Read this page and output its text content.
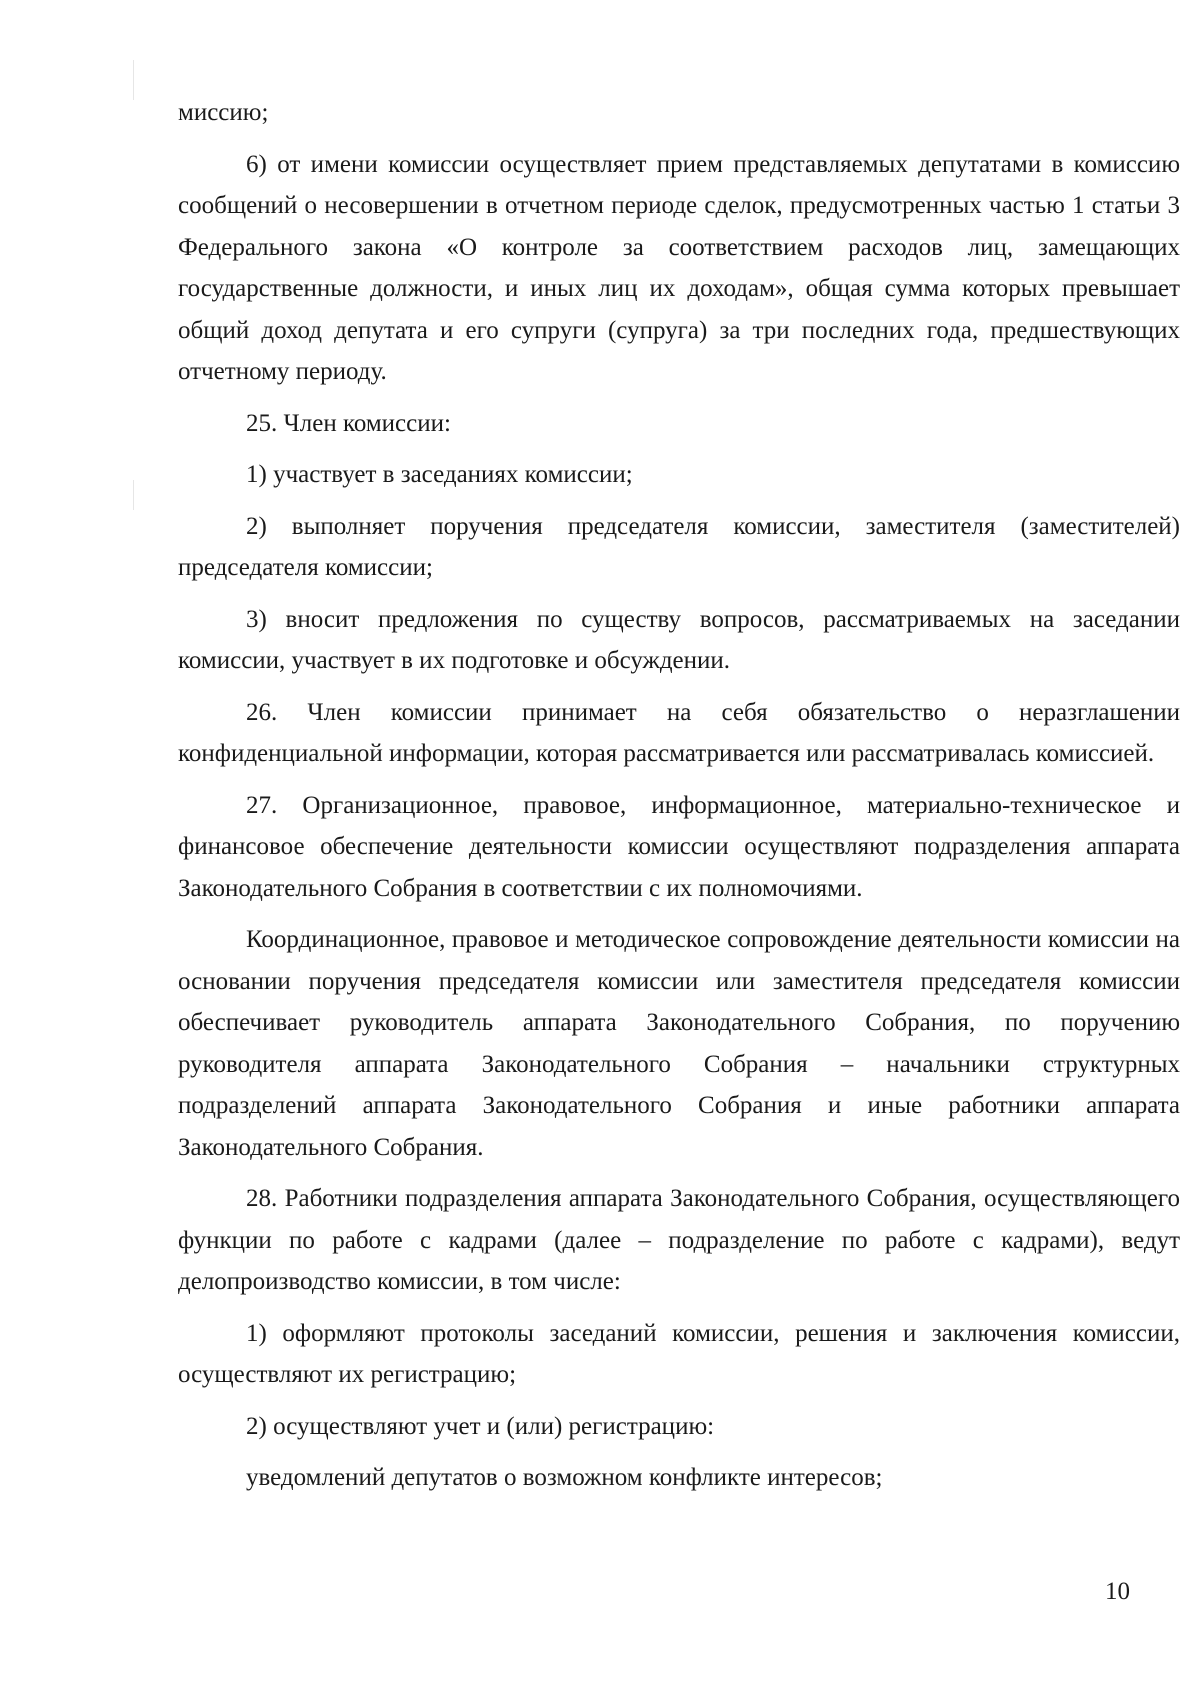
миссию;

6) от имени комиссии осуществляет прием представляемых депутатами в комиссию сообщений о несовершении в отчетном периоде сделок, предусмотренных частью 1 статьи 3 Федерального закона «О контроле за соответствием расходов лиц, замещающих государственные должности, и иных лиц их доходам», общая сумма которых превышает общий доход депутата и его супруги (супруга) за три последних года, предшествующих отчетному периоду.

25. Член комиссии:

1) участвует в заседаниях комиссии;

2) выполняет поручения председателя комиссии, заместителя (заместителей) председателя комиссии;

3) вносит предложения по существу вопросов, рассматриваемых на заседании комиссии, участвует в их подготовке и обсуждении.

26. Член комиссии принимает на себя обязательство о неразглашении конфиденциальной информации, которая рассматривается или рассматривалась комиссией.

27. Организационное, правовое, информационное, материально-техническое и финансовое обеспечение деятельности комиссии осуществляют подразделения аппарата Законодательного Собрания в соответствии с их полномочиями.

Координационное, правовое и методическое сопровождение деятельности комиссии на основании поручения председателя комиссии или заместителя председателя комиссии обеспечивает руководитель аппарата Законодательного Собрания, по поручению руководителя аппарата Законодательного Собрания – начальники структурных подразделений аппарата Законодательного Собрания и иные работники аппарата Законодательного Собрания.

28. Работники подразделения аппарата Законодательного Собрания, осуществляющего функции по работе с кадрами (далее – подразделение по работе с кадрами), ведут делопроизводство комиссии, в том числе:

1) оформляют протоколы заседаний комиссии, решения и заключения комиссии, осуществляют их регистрацию;

2) осуществляют учет и (или) регистрацию:

уведомлений депутатов о возможном конфликте интересов;

10
